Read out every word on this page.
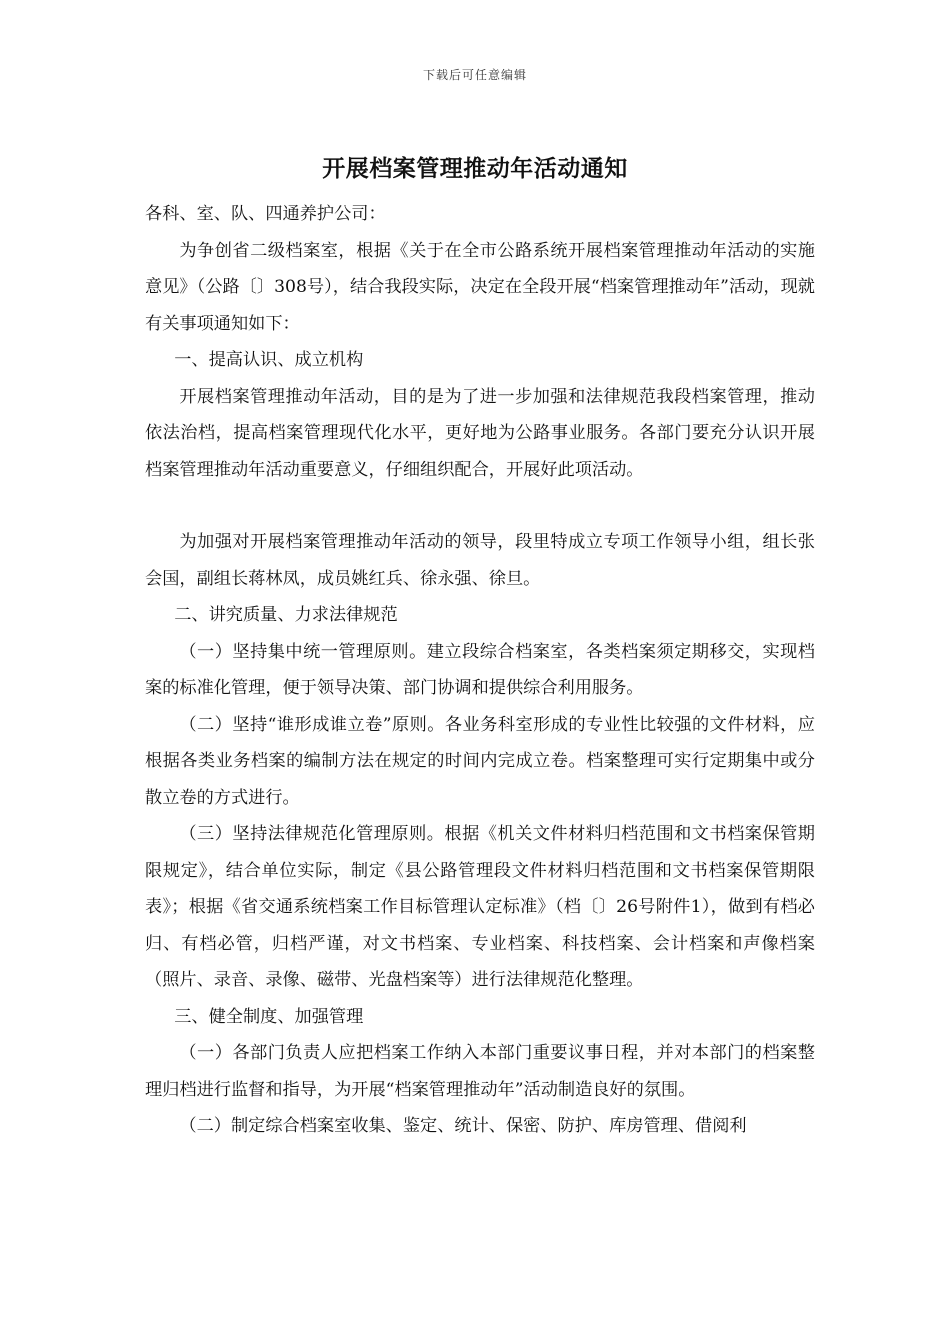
下载后可任意编辑
开展档案管理推动年活动通知

各科、室、队、四通养护公司：

为争创省二级档案室，根据《关于在全市公路系统开展档案管理推动年活动的实施意见》（公路〔〕308号），结合我段实际，决定在全段开展“档案管理推动年”活动，现就有关事项通知如下：

一、提高认识、成立机构

开展档案管理推动年活动，目的是为了进一步加强和法律规范我段档案管理，推动依法治档，提高档案管理现代化水平，更好地为公路事业服务。各部门要充分认识开展档案管理推动年活动重要意义，仔细组织配合，开展好此项活动。

为加强对开展档案管理推动年活动的领导，段里特成立专项工作领导小组，组长张会国，副组长蒋林凤，成员姚红兵、徐永强、徐旦。

二、讲究质量、力求法律规范

（一）坚持集中统一管理原则。建立段综合档案室，各类档案须定期移交，实现档案的标准化管理，便于领导决策、部门协调和提供综合利用服务。

（二）坚持“谁形成谁立卷”原则。各业务科室形成的专业性比较强的文件材料，应根据各类业务档案的编制方法在规定的时间内完成立卷。档案整理可实行定期集中或分散立卷的方式进行。

（三）坚持法律规范化管理原则。根据《机关文件材料归档范围和文书档案保管期限规定》，结合单位实际，制定《县公路管理段文件材料归档范围和文书档案保管期限表》；根据《省交通系统档案工作目标管理认定标准》（档〔〕26号附件1），做到有档必归、有档必管，归档严谨，对文书档案、专业档案、科技档案、会计档案和声像档案（照片、录音、录像、磁带、光盘档案等）进行法律规范化整理。

三、健全制度、加强管理

（一）各部门负责人应把档案工作纳入本部门重要议事日程，并对本部门的档案整理归档进行监督和指导，为开展“档案管理推动年”活动制造良好的氛围。

（二）制定综合档案室收集、鉴定、统计、保密、防护、库房管理、借阅利
